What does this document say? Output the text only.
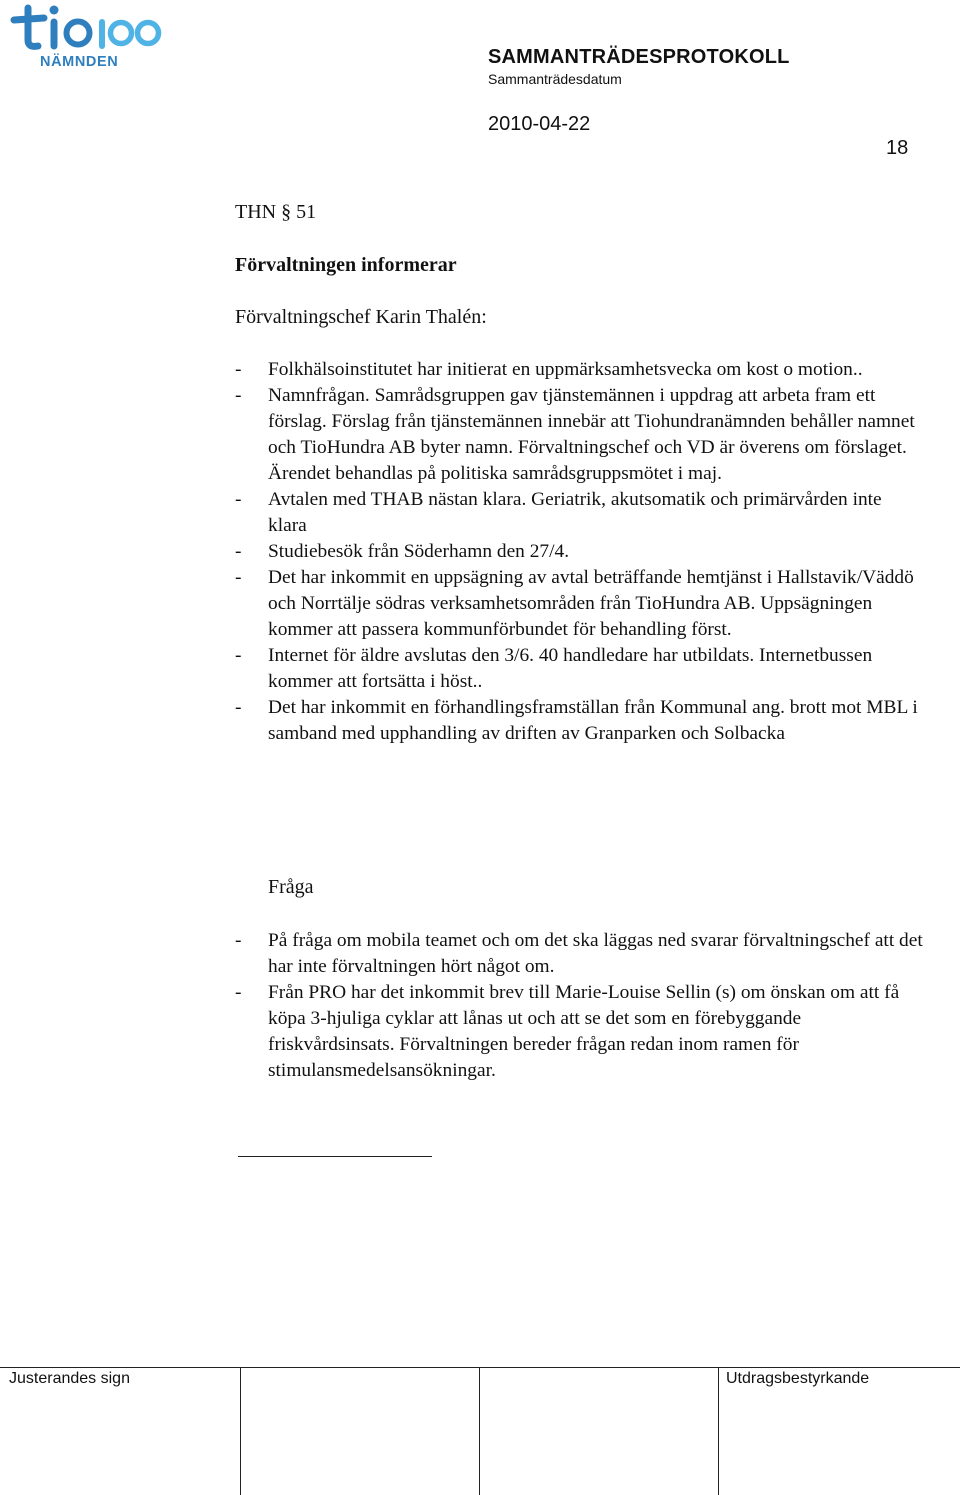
NÄMNDEN	SAMMANTRÄDESPROTOKOLL
Sammanträdesdatum
2010-04-22
18
THN § 51
Förvaltningen informerar
Förvaltningschef Karin Thalén:
- Folkhälsoinstitutet har initierat en uppmärksamhetsvecka om kost o motion..
- Namnfrågan. Samrådsgruppen gav tjänstemännen i uppdrag att arbeta fram ett förslag. Förslag från tjänstemännen innebär att Tiohundranämnden behåller namnet och TioHundra AB byter namn. Förvaltningschef och VD är överens om förslaget. Ärendet behandlas på politiska samrådsgruppsmötet i maj.
- Avtalen med THAB nästan klara. Geriatrik, akutsomatik och primärvården inte klara
- Studiebesök från Söderhamn den 27/4.
- Det har inkommit en uppsägning av avtal beträffande hemtjänst i Hallstavik/Väddö och Norrtälje södras verksamhetsområden från TioHundra AB. Uppsägningen kommer att passera kommunförbundet för behandling först.
- Internet för äldre avslutas den 3/6. 40 handledare har utbildats. Internetbussen kommer att fortsätta i höst..
- Det har inkommit en förhandlingsframställan från Kommunal ang. brott mot MBL i samband med upphandling av driften av Granparken och Solbacka
Fråga
- På fråga om mobila teamet och om det ska läggas ned svarar förvaltningschef att det har inte förvaltningen hört något om.
- Från PRO har det inkommit brev till Marie-Louise Sellin (s) om önskan om att få köpa 3-hjuliga cyklar att lånas ut och att se det som en förebyggande friskvårdsinsats. Förvaltningen bereder frågan redan inom ramen för stimulansmedelsansökningar.
Justerandes sign	Utdragsbestyrkande
